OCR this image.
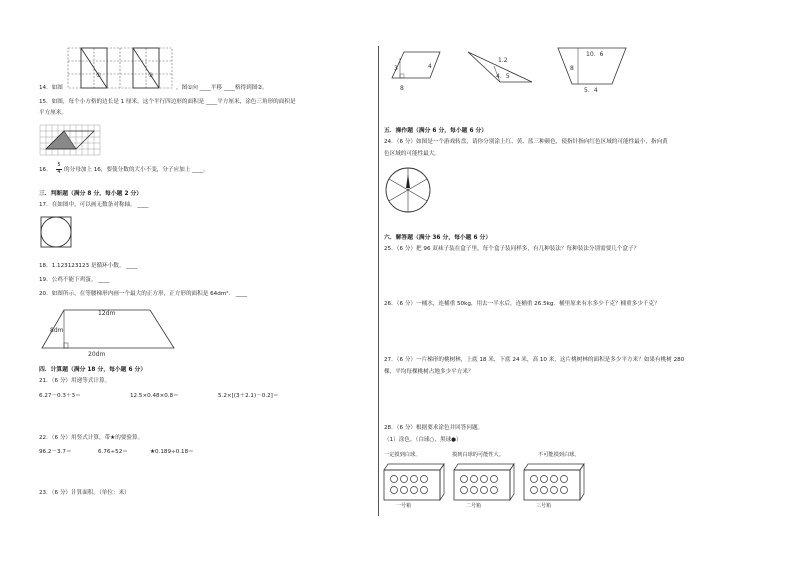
①	②
14．如图	，图①向 ____平移 ____格得到图②。
15．如图，每个小方格的边长是 1 厘米，这个平行四边形的面积是 ____平方厘米，涂色三角形的面积是
平方厘米。
16． $\frac{5}{4}$ 的分母加上 16，要使分数的大小不变，分子应加上 ____。
三．判断题（满分 8 分，每小题 2 分）
17．在如图中，可以画无数条对称轴。 ____
18．1.123123123 是循环小数。 ____
19．公鸡不能下鸡蛋。 ____
20．如图所示，在等腰梯形内画一个最大的正方形，正方形的面积是 64dm²． ____
12dm
8dm
20dm
四．计算题（满分 18 分，每小题 6 分）
21．（6 分）用递等式计算。
6.27－0.3＋3＝	12.5×0.48×0.8＝	5.2×[(3＋2.1)－0.2]＝
22．（6 分）用竖式计算，带★的要验算。
96.2－3.7＝	6.76÷52＝	★0.189÷0.18＝
23．（6 分）计算面积。（单位：米）
4
3
8
1.2
4．5
10．6
8
5．4
五．操作题（满分 6 分，每小题 6 分）
24．（6 分）如图是一个游戏转盘，请你分别涂上红、黄、蓝三种颜色，使指针指向红色区域的可能性最小，指向黄
色区域的可能性最大。
六．解答题（满分 36 分，每小题 6 分）
25．（6 分）把 96 双袜子装在盒子里，每个盒子装同样多，有几种装法？每种装法分别需要几个盒子？
26．（6 分）一桶水，连桶重 50kg，用去一半水后，连桶重 26.5kg．桶里原来有水多少千克？桶重多少千克？
27．（6 分）一片梯形的桃树林，上底 18 米，下底 24 米，高 10 米，这片桃树林的面积是多少平方米？如果有桃树 280
棵，平均每棵桃树占地多少平方米？
28．（6 分）根据要求涂色并回答问题。
（1）涂色。（白球○，黑球●）
一定摸到白球。	摸到白球的可能性大。	不可能摸到白球。
一号箱	二号箱	三号箱
